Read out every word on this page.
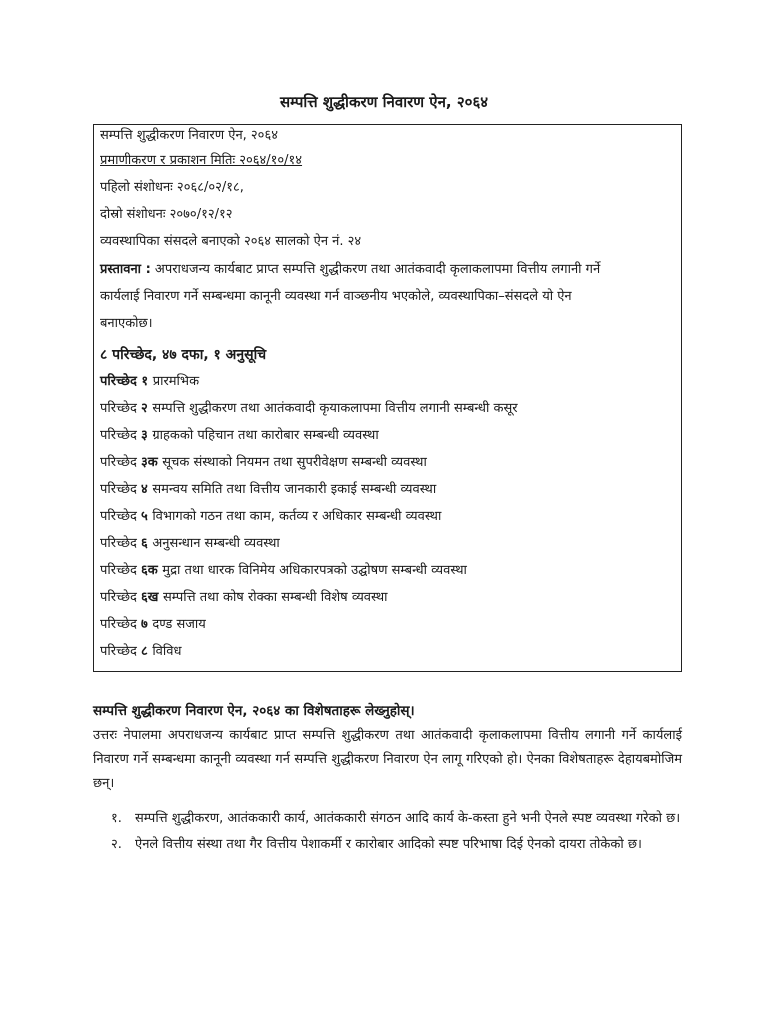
सम्पत्ति शुद्धीकरण निवारण ऐन, २०६४
सम्पत्ति शुद्धीकरण निवारण ऐन, २०६४
प्रमाणीकरण र प्रकाशन मितिः २०६४/१०/१४
पहिलो संशोधनः २०६८/०२/१८,
दोस्रो संशोधनः २०७०/१२/१२
व्यवस्थापिका संसदले बनाएको २०६४ सालको ऐन नं. २४
प्रस्तावना : अपराधजन्य कार्यबाट प्राप्त सम्पत्ति शुद्धीकरण तथा आतंकवादी कृलाकलापमा वित्तीय लगानी गर्ने
कार्यलाई निवारण गर्ने सम्बन्धमा कानूनी व्यवस्था गर्न वाञ्छनीय भएकोले, व्यवस्थापिका–संसदले यो ऐन
बनाएकोछ।
८ परिच्छेद, ४७ दफा, १ अनुसूचि
परिच्छेद १ प्रारमभिक
परिच्छेद २ सम्पत्ति शुद्धीकरण तथा आतंकवादी कृयाकलापमा वित्तीय लगानी सम्बन्धी कसूर
परिच्छेद ३ ग्राहकको पहिचान तथा कारोबार सम्बन्धी व्यवस्था
परिच्छेद ३क सूचक संस्थाको नियमन तथा सुपरीवेक्षण सम्बन्धी व्यवस्था
परिच्छेद ४ समन्वय समिति तथा वित्तीय जानकारी इकाई सम्बन्धी व्यवस्था
परिच्छेद ५ विभागको गठन तथा काम, कर्तव्य र अधिकार सम्बन्धी व्यवस्था
परिच्छेद ६ अनुसन्धान सम्बन्धी व्यवस्था
परिच्छेद ६क मुद्रा तथा धारक विनिमेय अधिकारपत्रको उद्घोषण सम्बन्धी व्यवस्था
परिच्छेद ६ख सम्पत्ति तथा कोष रोक्का सम्बन्धी विशेष व्यवस्था
परिच्छेद ७ दण्ड सजाय
परिच्छेद ८ विविध
सम्पत्ति शुद्धीकरण निवारण ऐन, २०६४ का विशेषताहरू लेख्नुहोस्।
उत्तरः नेपालमा अपराधजन्य कार्यबाट प्राप्त सम्पत्ति शुद्धीकरण तथा आतंकवादी कृलाकलापमा वित्तीय लगानी गर्ने कार्यलाई निवारण गर्ने सम्बन्धमा कानूनी व्यवस्था गर्न सम्पत्ति शुद्धीकरण निवारण ऐन लागू गरिएको हो। ऐनका विशेषताहरू देहायबमोजिम छन्।
१. सम्पत्ति शुद्धीकरण, आतंककारी कार्य, आतंककारी संगठन आदि कार्य के-कस्ता हुने भनी ऐनले स्पष्ट व्यवस्था गरेको छ।
२. ऐनले वित्तीय संस्था तथा गैर वित्तीय पेशाकर्मी र कारोबार आदिको स्पष्ट परिभाषा दिई ऐनको दायरा तोकेको छ।
